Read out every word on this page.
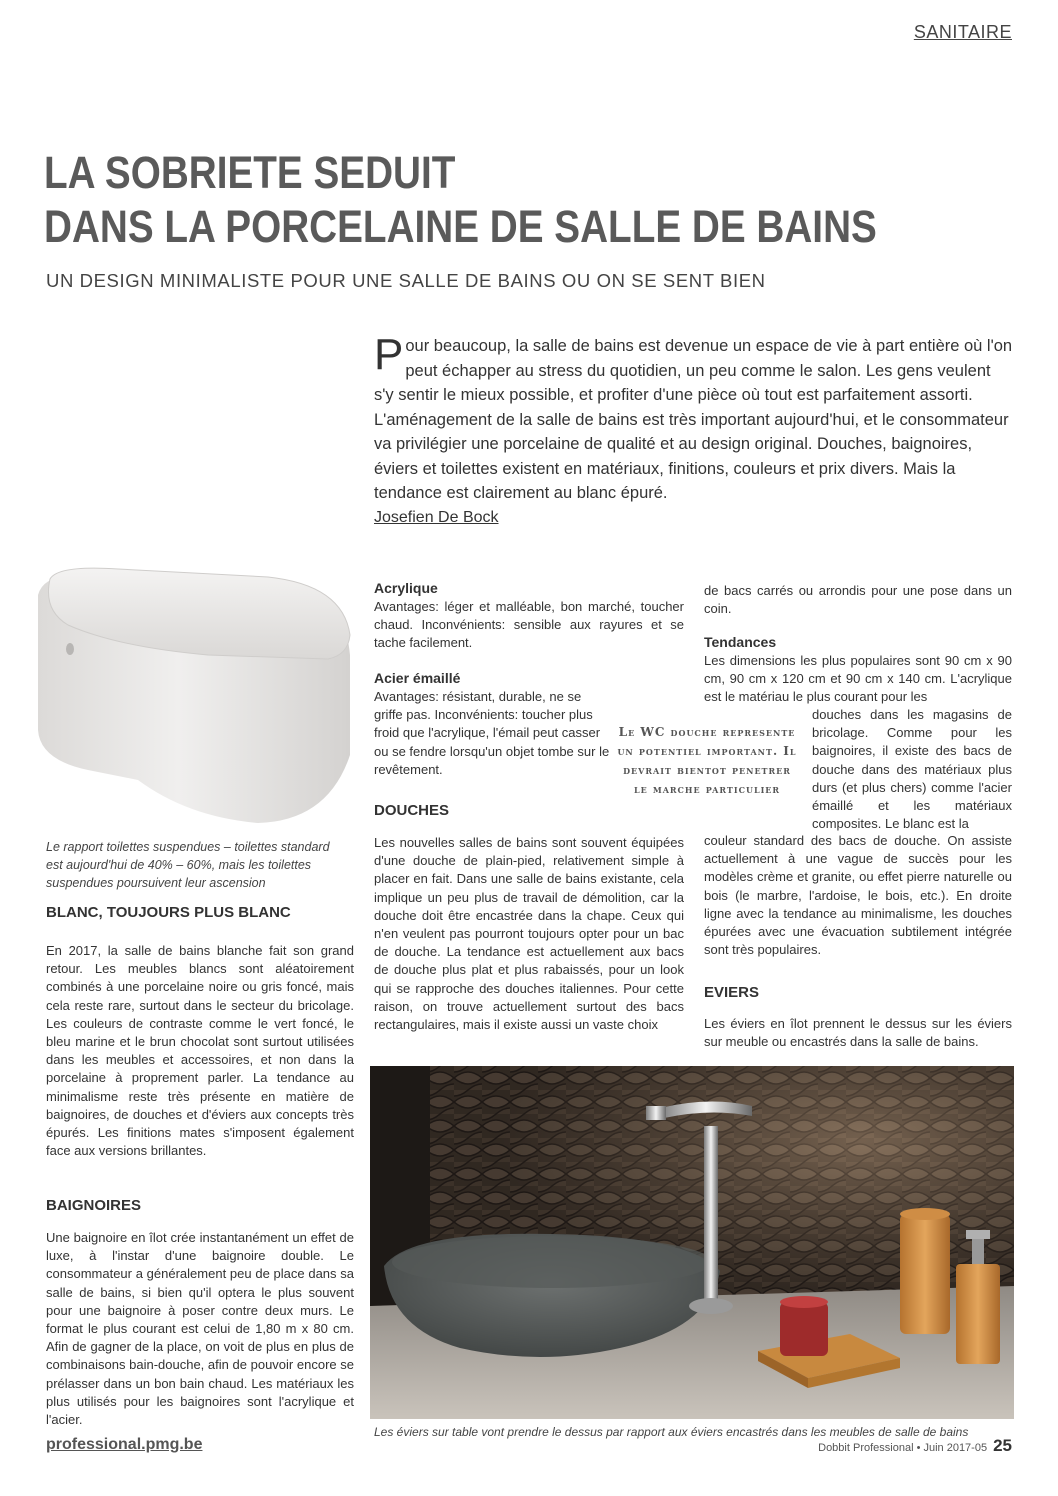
SANITAIRE
LA SOBRIETE SEDUIT
DANS LA PORCELAINE DE SALLE DE BAINS
UN DESIGN MINIMALISTE POUR UNE SALLE DE BAINS OU ON SE SENT BIEN
Pour beaucoup, la salle de bains est devenue un espace de vie à part entière où l'on peut échapper au stress du quotidien, un peu comme le salon. Les gens veulent s'y sentir le mieux possible, et profiter d'une pièce où tout est parfaitement assorti. L'aménagement de la salle de bains est très important aujourd'hui, et le consommateur va privilégier une porcelaine de qualité et au design original. Douches, baignoires, éviers et toilettes existent en matériaux, finitions, couleurs et prix divers. Mais la tendance est clairement au blanc épuré.
Josefien De Bock
Le rapport toilettes suspendues – toilettes standard est aujourd'hui de 40% – 60%, mais les toilettes suspendues poursuivent leur ascension
BLANC, TOUJOURS PLUS BLANC
En 2017, la salle de bains blanche fait son grand retour. Les meubles blancs sont aléatoirement combinés à une porcelaine noire ou gris foncé, mais cela reste rare, surtout dans le secteur du bricolage. Les couleurs de contraste comme le vert foncé, le bleu marine et le brun chocolat sont surtout utilisées dans les meubles et accessoires, et non dans la porcelaine à proprement parler. La tendance au minimalisme reste très présente en matière de baignoires, de douches et d'éviers aux concepts très épurés. Les finitions mates s'imposent également face aux versions brillantes.
BAIGNOIRES
Une baignoire en îlot crée instantanément un effet de luxe, à l'instar d'une baignoire double. Le consommateur a généralement peu de place dans sa salle de bains, si bien qu'il optera le plus souvent pour une baignoire à poser contre deux murs. Le format le plus courant est celui de 1,80 m x 80 cm. Afin de gagner de la place, on voit de plus en plus de combinaisons bain-douche, afin de pouvoir encore se prélasser dans un bon bain chaud. Les matériaux les plus utilisés pour les baignoires sont l'acrylique et l'acier.
Acrylique
Avantages: léger et malléable, bon marché, toucher chaud. Inconvénients: sensible aux rayures et se tache facilement.
Acier émaillé
Avantages: résistant, durable, ne se griffe pas. Inconvénients: toucher plus froid que l'acrylique, l'émail peut casser ou se fendre lorsqu'un objet tombe sur le revêtement.
DOUCHES
Les nouvelles salles de bains sont souvent équipées d'une douche de plain-pied, relativement simple à placer en fait. Dans une salle de bains existante, cela implique un peu plus de travail de démolition, car la douche doit être encastrée dans la chape. Ceux qui n'en veulent pas pourront toujours opter pour un bac de douche. La tendance est actuellement aux bacs de douche plus plat et plus rabaissés, pour un look qui se rapproche des douches italiennes. Pour cette raison, on trouve actuellement surtout des bacs rectangulaires, mais il existe aussi un vaste choix
de bacs carrés ou arrondis pour une pose dans un coin.
Tendances
Les dimensions les plus populaires sont 90 cm x 90 cm, 90 cm x 120 cm et 90 cm x 140 cm. L'acrylique est le matériau le plus courant pour les
douches dans les magasins de bricolage. Comme pour les baignoires, il existe des bacs de douche dans des matériaux plus durs (et plus chers) comme l'acier émaillé et les matériaux composites. Le blanc est la
couleur standard des bacs de douche. On assiste actuellement à une vague de succès pour les modèles crème et granite, ou effet pierre naturelle ou bois (le marbre, l'ardoise, le bois, etc.). En droite ligne avec la tendance au minimalisme, les douches épurées avec une évacuation subtilement intégrée sont très populaires.
EVIERS
Les éviers en îlot prennent le dessus sur les éviers sur meuble ou encastrés dans la salle de bains.
Le WC douche represente un potentiel important. Il devrait bientot penetrer le marche particulier
Les éviers sur table vont prendre le dessus par rapport aux éviers encastrés dans les meubles de salle de bains
professional.pmg.be	Dobbit Professional • Juin 2017-05 25
